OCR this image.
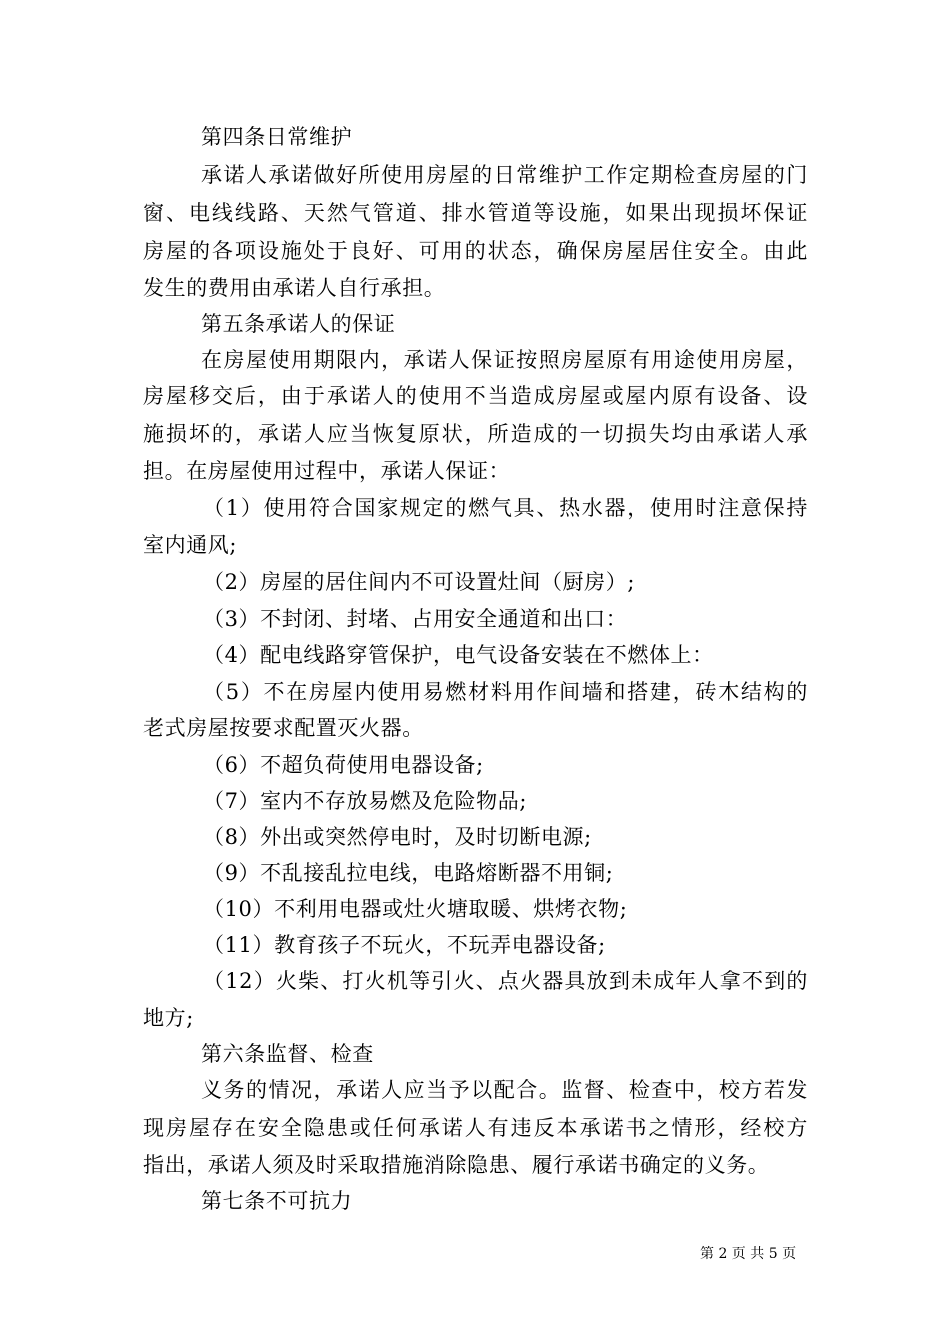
第四条日常维护
承诺人承诺做好所使用房屋的日常维护工作定期检查房屋的门
窗、电线线路、天然气管道、排水管道等设施，如果出现损坏保证
房屋的各项设施处于良好、可用的状态，确保房屋居住安全。由此
发生的费用由承诺人自行承担。
第五条承诺人的保证
在房屋使用期限内，承诺人保证按照房屋原有用途使用房屋，
房屋移交后，由于承诺人的使用不当造成房屋或屋内原有设备、设
施损坏的，承诺人应当恢复原状，所造成的一切损失均由承诺人承
担。在房屋使用过程中，承诺人保证：
（1）使用符合国家规定的燃气具、热水器，使用时注意保持
室内通风;
（2）房屋的居住间内不可设置灶间（厨房）;
（3）不封闭、封堵、占用安全通道和出口：
（4）配电线路穿管保护，电气设备安装在不燃体上：
（5）不在房屋内使用易燃材料用作间墙和搭建，砖木结构的
老式房屋按要求配置灭火器。
（6）不超负荷使用电器设备;
（7）室内不存放易燃及危险物品;
（8）外出或突然停电时，及时切断电源;
（9）不乱接乱拉电线，电路熔断器不用铜;
（10）不利用电器或灶火塘取暖、烘烤衣物;
（11）教育孩子不玩火，不玩弄电器设备;
（12）火柴、打火机等引火、点火器具放到未成年人拿不到的
地方;
第六条监督、检查
义务的情况，承诺人应当予以配合。监督、检查中，校方若发
现房屋存在安全隐患或任何承诺人有违反本承诺书之情形，经校方
指出，承诺人须及时采取措施消除隐患、履行承诺书确定的义务。
第七条不可抗力
第 2 页 共 5 页
